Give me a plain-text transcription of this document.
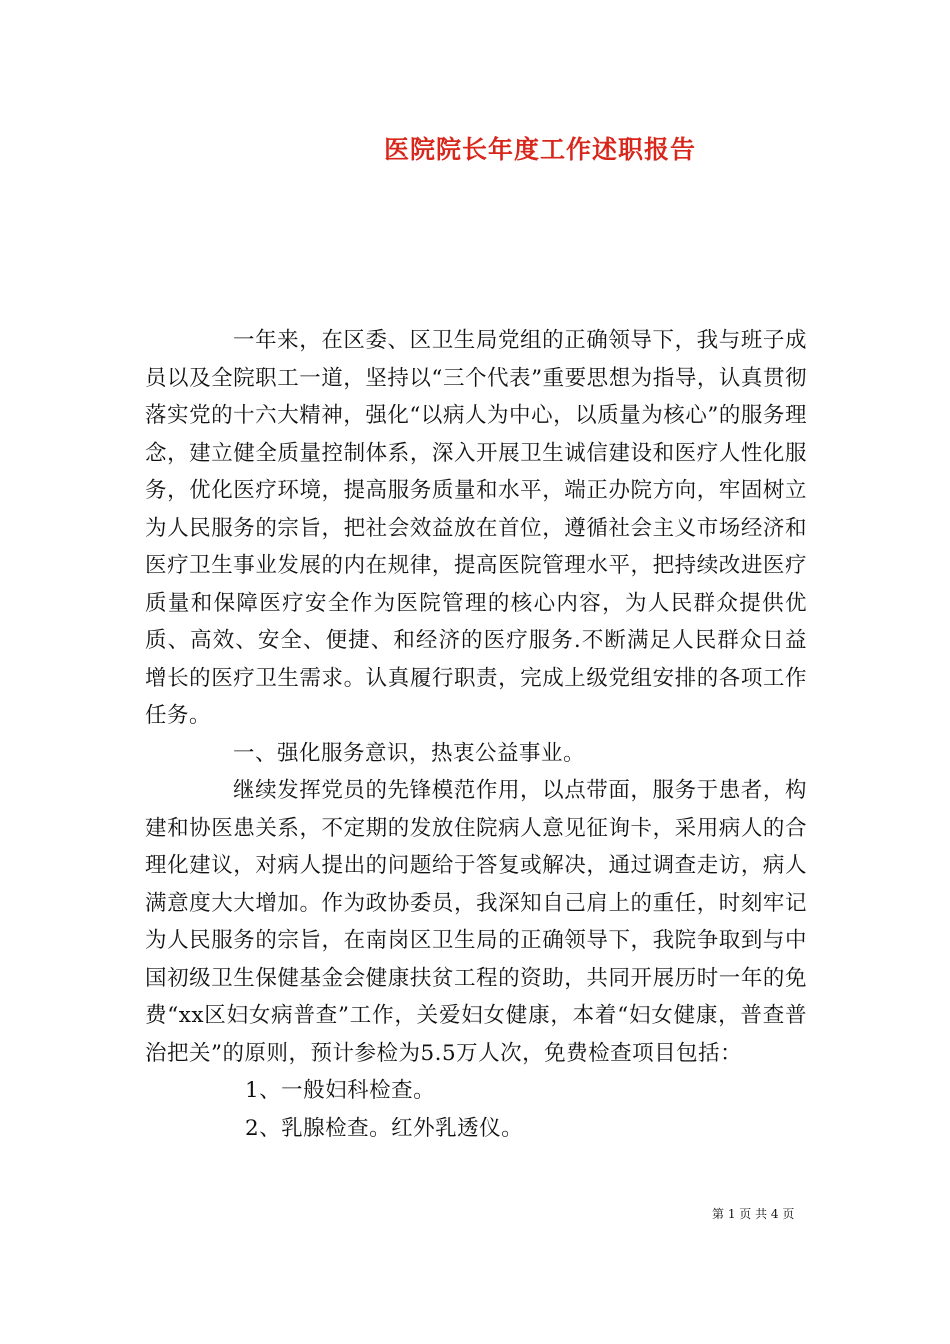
医院院长年度工作述职报告

一年来，在区委、区卫生局党组的正确领导下，我与班子成员以及全院职工一道，坚持以“三个代表”重要思想为指导，认真贯彻落实党的十六大精神，强化“以病人为中心，以质量为核心”的服务理念，建立健全质量控制体系，深入开展卫生诚信建设和医疗人性化服务，优化医疗环境，提高服务质量和水平，端正办院方向，牢固树立为人民服务的宗旨，把社会效益放在首位，遵循社会主义市场经济和医疗卫生事业发展的内在规律，提高医院管理水平，把持续改进医疗质量和保障医疗安全作为医院管理的核心内容，为人民群众提供优质、高效、安全、便捷、和经济的医疗服务.不断满足人民群众日益增长的医疗卫生需求。认真履行职责，完成上级党组安排的各项工作任务。

一、强化服务意识，热衷公益事业。

继续发挥党员的先锋模范作用，以点带面，服务于患者，构建和协医患关系，不定期的发放住院病人意见征询卡，采用病人的合理化建议，对病人提出的问题给于答复或解决，通过调查走访，病人满意度大大增加。作为政协委员，我深知自己肩上的重任，时刻牢记为人民服务的宗旨，在南岗区卫生局的正确领导下，我院争取到与中国初级卫生保健基金会健康扶贫工程的资助，共同开展历时一年的免费“xx区妇女病普查”工作，关爱妇女健康，本着“妇女健康，普查普治把关”的原则，预计参检为5.5万人次，免费检查项目包括：

1、一般妇科检查。

2、乳腺检查。红外乳透仪。

第 1 页 共 4 页
